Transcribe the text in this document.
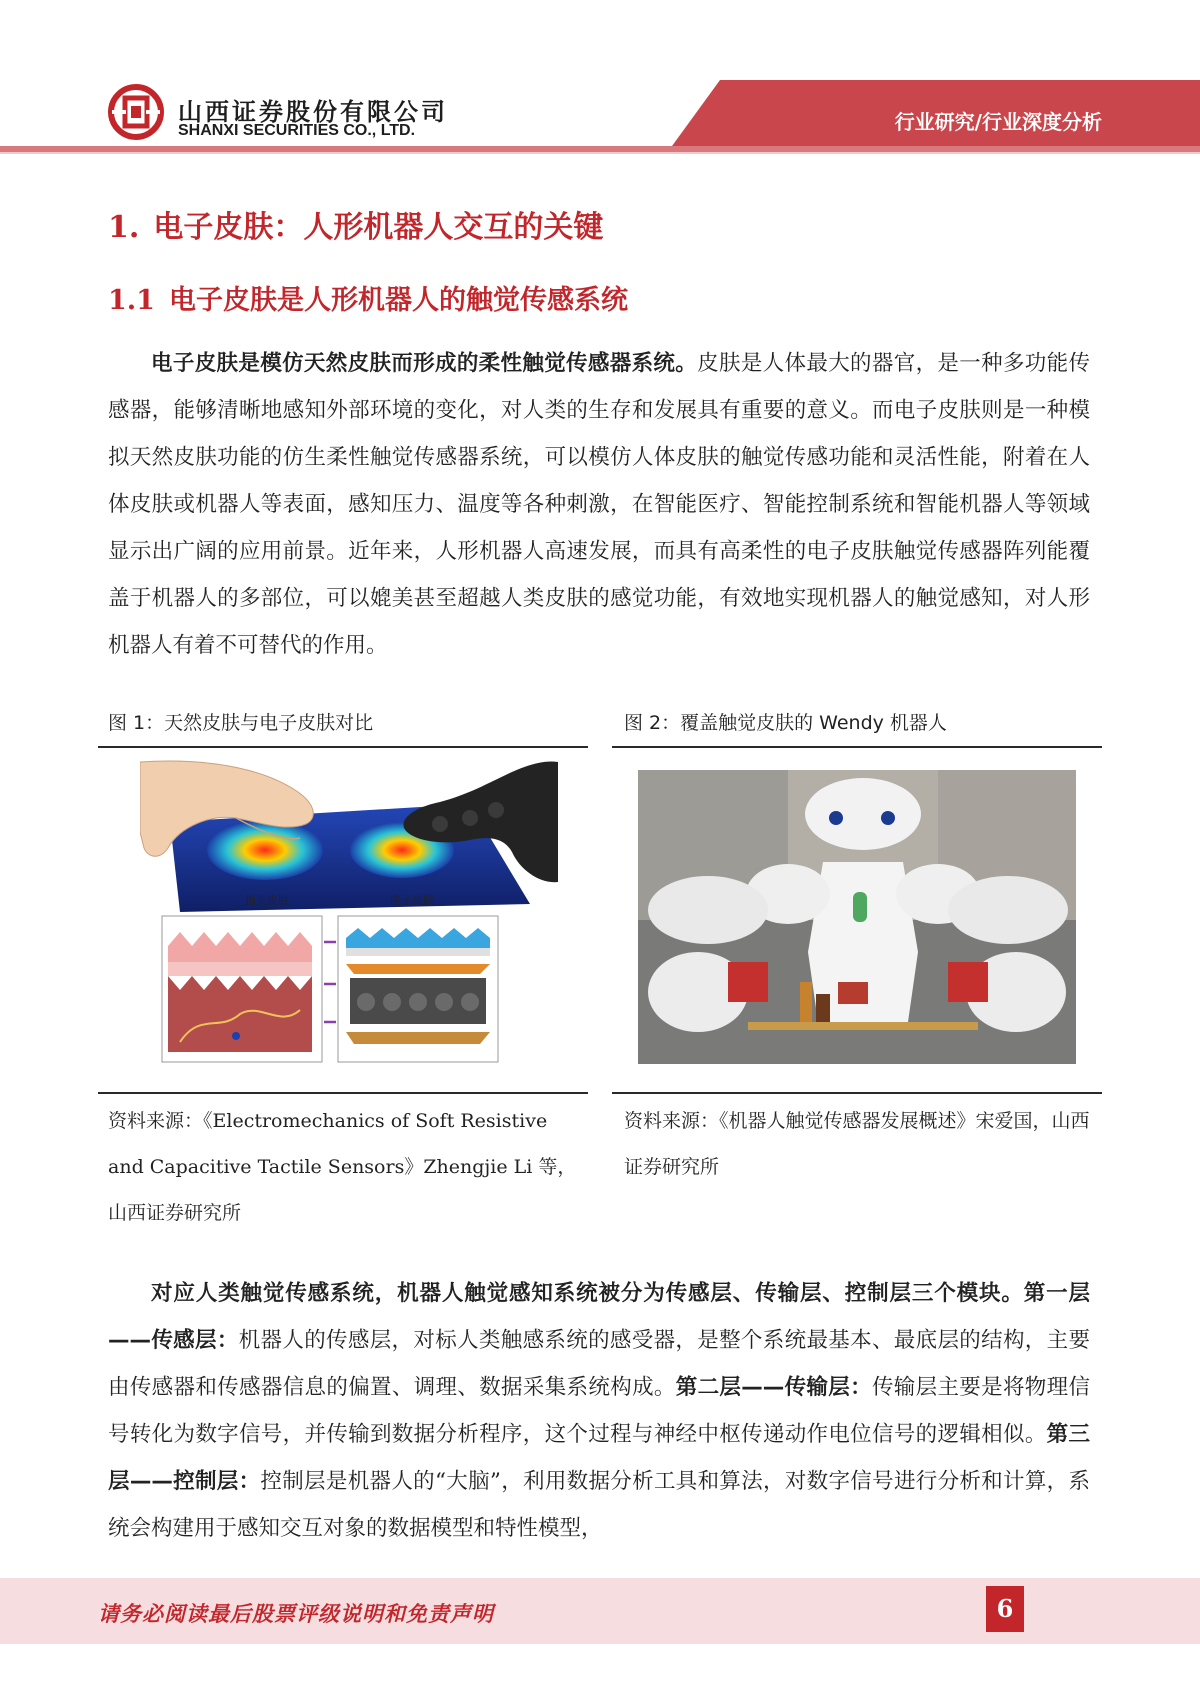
山西证券股份有限公司
SHANXI SECURITIES CO., LTD.	行业研究/行业深度分析
1. 电子皮肤：人形机器人交互的关键
1.1 电子皮肤是人形机器人的触觉传感系统
电子皮肤是模仿天然皮肤而形成的柔性触觉传感器系统。皮肤是人体最大的器官，是一种多功能传感器，能够清晰地感知外部环境的变化，对人类的生存和发展具有重要的意义。而电子皮肤则是一种模拟天然皮肤功能的仿生柔性触觉传感器系统，可以模仿人体皮肤的触觉传感功能和灵活性能，附着在人体皮肤或机器人等表面，感知压力、温度等各种刺激，在智能医疗、智能控制系统和智能机器人等领域显示出广阔的应用前景。近年来，人形机器人高速发展，而具有高柔性的电子皮肤触觉传感器阵列能覆盖于机器人的多部位，可以媲美甚至超越人类皮肤的感觉功能，有效地实现机器人的触觉感知，对人形机器人有着不可替代的作用。
图 1：天然皮肤与电子皮肤对比
指尖皮肤	电子皮肤
资料来源：《Electromechanics of Soft Resistive and Capacitive Tactile Sensors》Zhengjie Li 等，山西证券研究所
图 2：覆盖触觉皮肤的 Wendy 机器人
资料来源：《机器人触觉传感器发展概述》宋爱国，山西证券研究所
对应人类触觉传感系统，机器人触觉感知系统被分为传感层、传输层、控制层三个模块。第一层——传感层：机器人的传感层，对标人类触感系统的感受器，是整个系统最基本、最底层的结构，主要由传感器和传感器信息的偏置、调理、数据采集系统构成。第二层——传输层：传输层主要是将物理信号转化为数字信号，并传输到数据分析程序，这个过程与神经中枢传递动作电位信号的逻辑相似。第三层——控制层：控制层是机器人的“大脑”，利用数据分析工具和算法，对数字信号进行分析和计算，系统会构建用于感知交互对象的数据模型和特性模型，
请务必阅读最后股票评级说明和免责声明	6
